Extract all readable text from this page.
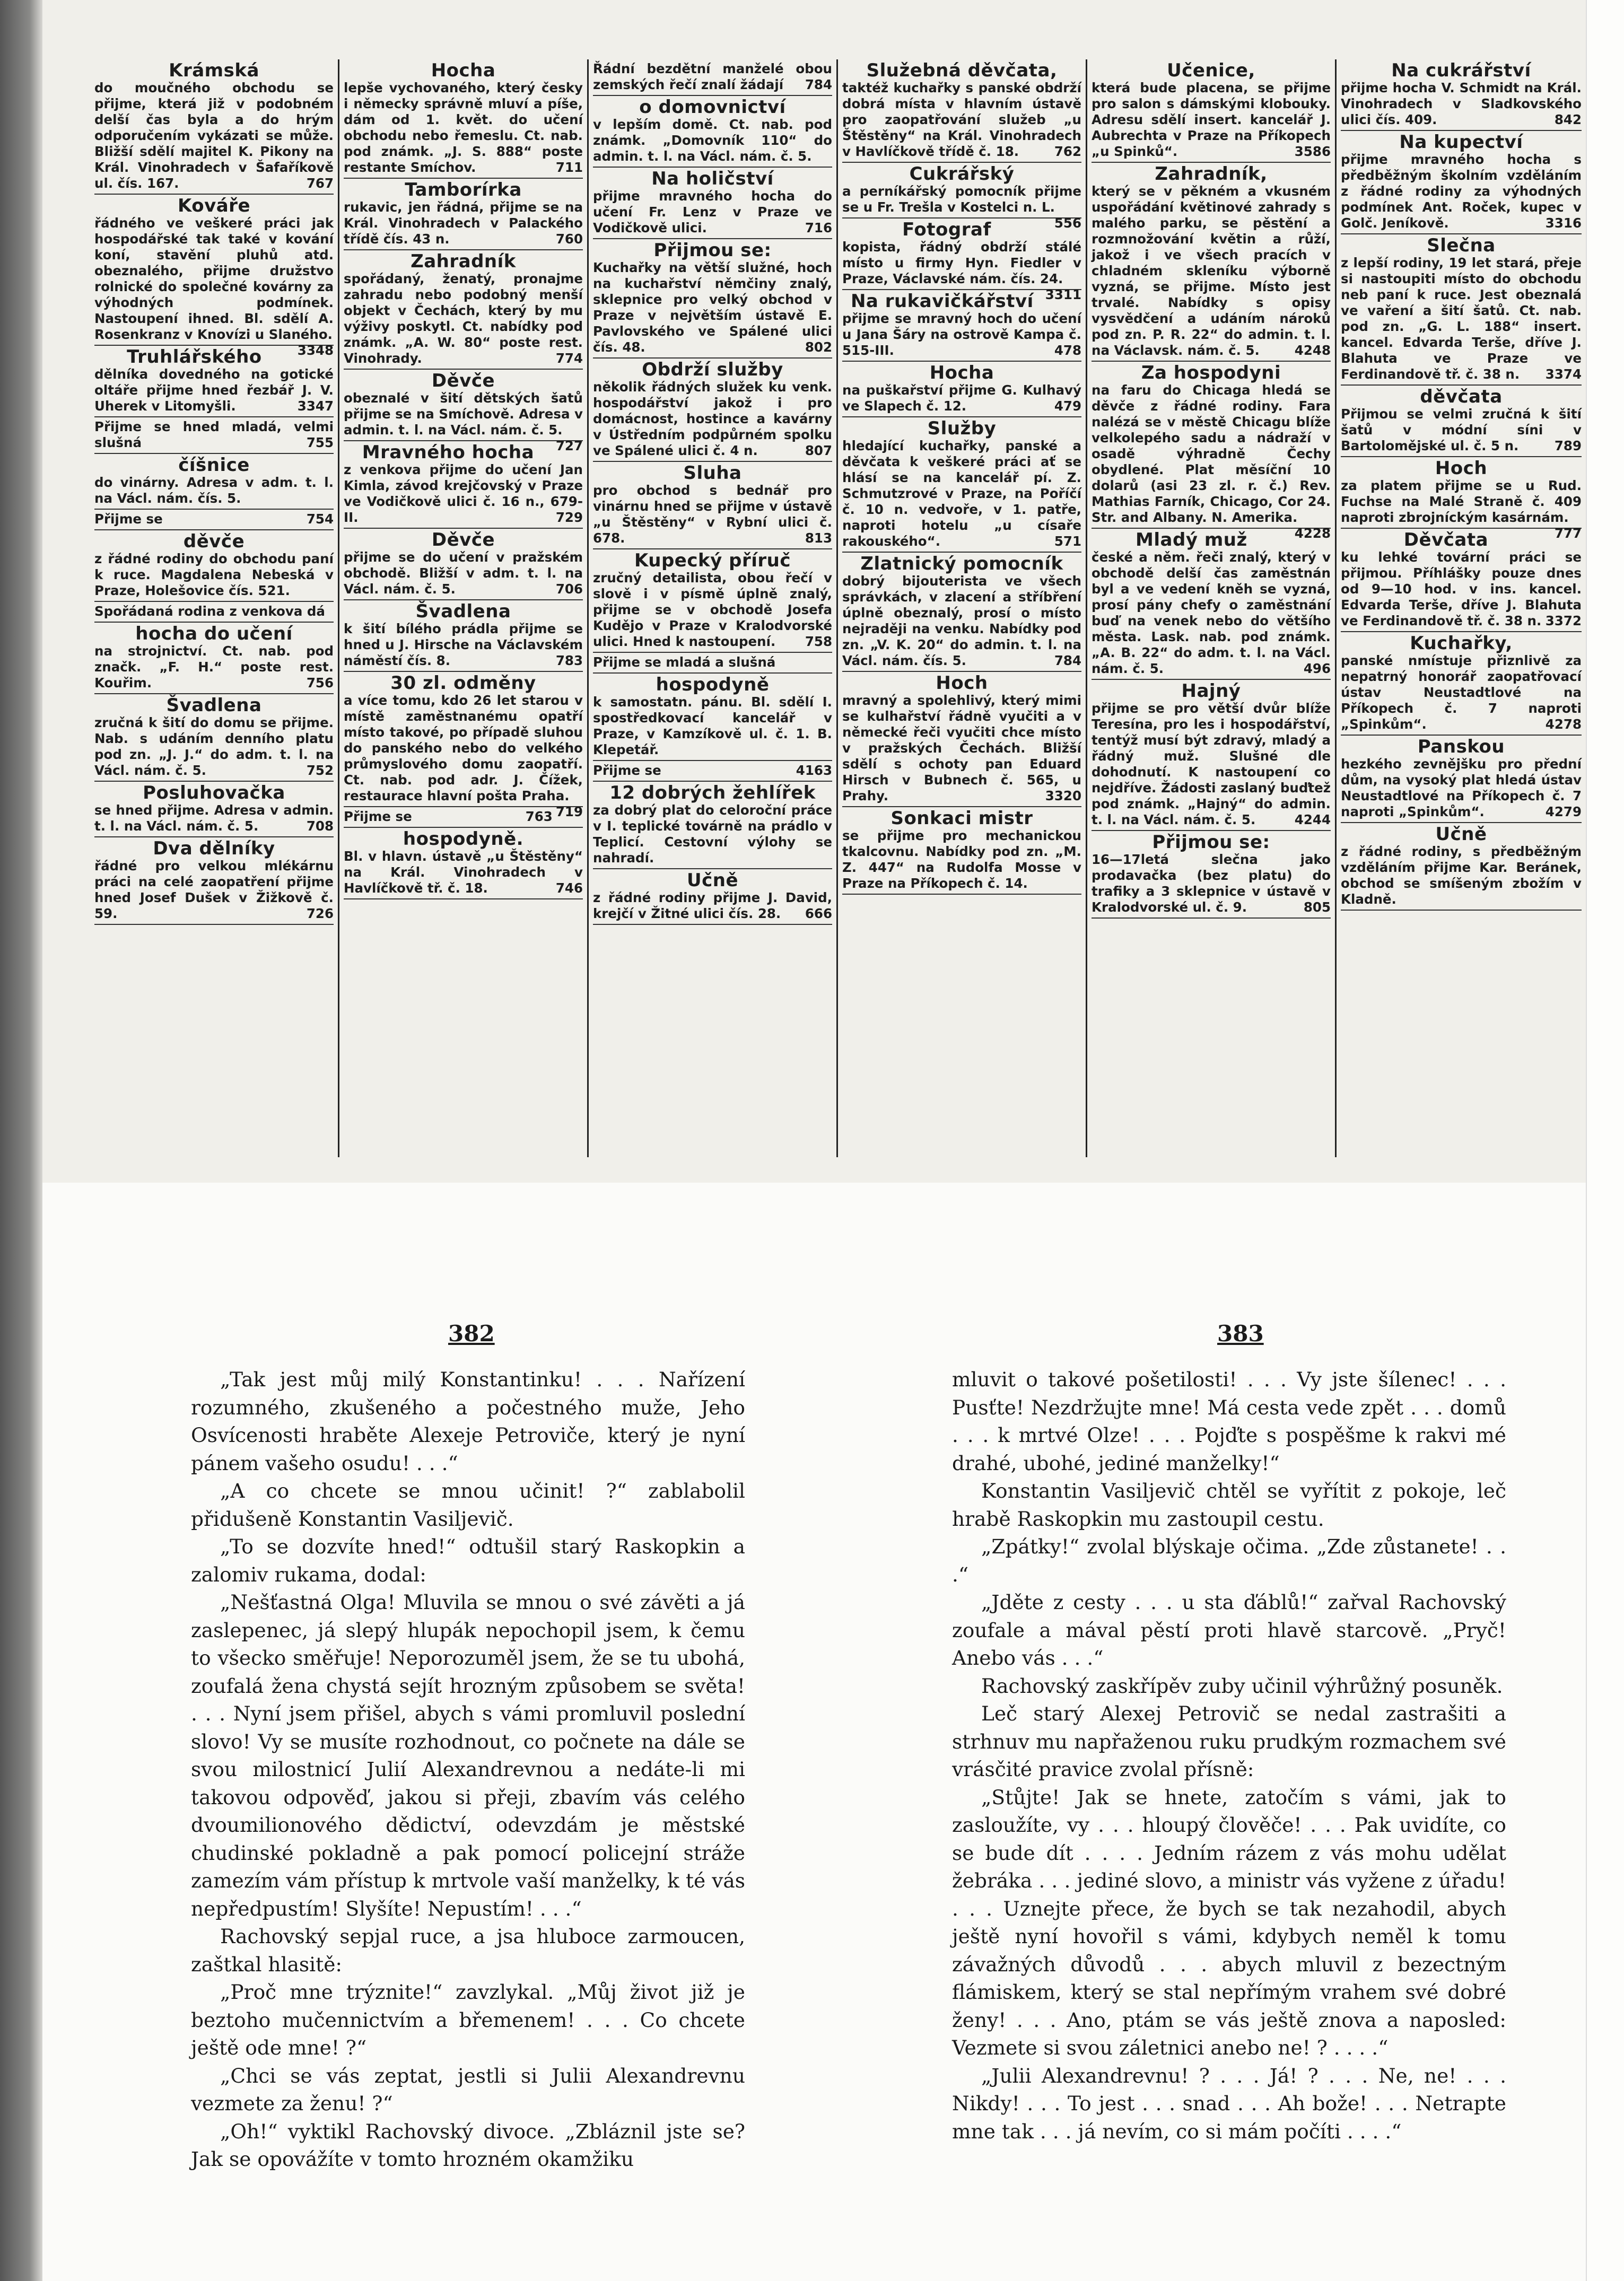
Krámská
do moučného obchodu se přijme, která již v podobném delší čas byla a do hrým odporučením vykázati se může. Bližší sdělí majitel K. Pikony na Král. Vinohradech v Šafaříkově ul. čís. 167.	767
Kováře
řádného ve veškeré práci jak hospodářské tak také v kování koní, stavění pluhů atd. obeznalého, přijme družstvo rolnické do společné kovárny za výhodných podmínek. Nastoupení ihned. Bl. sdělí A. Rosenkranz v Knovízi u Slaného.
3348
Truhlářského
dělníka dovedného na gotické oltáře přijme hned řezbář J. V. Uherek v Litomyšli.	3347
Přijme se hned mladá, velmi slušná	755
číšnice
do vinárny. Adresa v adm. t. l. na Václ. nám. čís. 5.
Přijme se	754
děvče
z řádné rodiny do obchodu paní k ruce. Magdalena Nebeská v Praze, Holešovice čís. 521.
Spořádaná rodina z venkova dá
hocha do učení
na strojnictví. Ct. nab. pod značk. „F. H.“ poste rest. Kouřim.	756
Švadlena
zručná k šití do domu se přijme. Nab. s udáním denního platu pod zn. „J. J.“ do adm. t. l. na Václ. nám. č. 5.	752
Posluhovačka
se hned přijme. Adresa v admin. t. l. na Václ. nám. č. 5.	708
Dva dělníky
řádné pro velkou mlékárnu práci na celé zaopatření přijme hned Josef Dušek v Žižkově č. 59.	726
Hocha
lepše vychovaného, který česky i německy správně mluví a píše, dám od 1. květ. do učení obchodu nebo řemeslu. Ct. nab. pod známk. „J. S. 888“ poste restante Smíchov.	711
Tamborírka
rukavic, jen řádná, přijme se na Král. Vinohradech v Palackého třídě čís. 43 n.	760
Zahradník
spořádaný, ženatý, pronajme zahradu nebo podobný menší objekt v Čechách, který by mu výživy poskytl. Ct. nabídky pod známk. „A. W. 80“ poste rest. Vinohrady.	774
Děvče
obeznalé v šití dětských šatů přijme se na Smíchově. Adresa v admin. t. l. na Václ. nám. č. 5.
727
Mravného hocha
z venkova přijme do učení Jan Kimla, závod krejčovský v Praze ve Vodičkově ulici č. 16 n., 679-II.	729
Děvče
přijme se do učení v pražském obchodě. Bližší v adm. t. l. na Václ. nám. č. 5.	706
Švadlena
k šití bílého prádla přijme se hned u J. Hirsche na Václavském náměstí čís. 8.	783
30 zl. odměny
a více tomu, kdo 26 let starou v místě zaměstnanému opatří místo takové, po případě sluhou do panského nebo do velkého průmyslového domu zaopatří. Ct. nab. pod adr. J. Čížek, restaurace hlavní pošta Praha.
719
Přijme se	763
hospodyně.
Bl. v hlavn. ústavě „u Štěstěny“ na Král. Vinohradech v Havlíčkově tř. č. 18.	746
Řádní bezdětní manželé obou zemských řečí znalí žádají 784
o domovnictví
v lepším domě. Ct. nab. pod známk. „Domovník 110“ do admin. t. l. na Václ. nám. č. 5.
Na holičství
přijme mravného hocha do učení Fr. Lenz v Praze ve Vodičkově ulici.	716
Přijmou se:
Kuchařky na větší služné, hoch na kuchařství němčiny znalý, sklepnice pro velký obchod v Praze v největším ústavě E. Pavlovského ve Spálené ulici čís. 48.	802
Obdrží služby
několik řádných služek ku venk. hospodářství jakož i pro domácnost, hostince a kavárny v Ústředním podpůrném spolku ve Spálené ulici č. 4 n.	807
Sluha
pro obchod s bednář pro vinárnu hned se přijme v ústavě „u Štěstěny“ v Rybní ulici č. 678.	813
Kupecký příruč
zručný detailista, obou řečí v slově i v písmě úplně znalý, přijme se v obchodě Josefa Kudějo v Praze v Kralodvorské ulici. Hned k nastoupení. 758
Přijme se mladá a slušná
hospodyně
k samostatn. pánu. Bl. sdělí I. spostředkovací kancelář v Praze, v Kamzíkově ul. č. 1. B. Klepetář.
Přijme se	4163
12 dobrých žehlířek
za dobrý plat do celoroční práce v I. teplické továrně na prádlo v Teplicí. Cestovní výlohy se nahradí.
Učně
z řádné rodiny přijme J. David, krejčí v Žitné ulici čís. 28. 666
Služebná děvčata,
taktéž kuchařky s panské obdrží dobrá místa v hlavním ústavě pro zaopatřování služeb „u Štěstěny“ na Král. Vinohradech v Havlíčkově třídě č. 18.	762
Cukrářský
a perníkářský pomocník přijme se u Fr. Trešla v Kostelci n. L.
556
Fotograf
kopista, řádný obdrží stálé místo u firmy Hyn. Fiedler v Praze, Václavské nám. čís. 24.
3311
Na rukavičkářství
přijme se mravný hoch do učení u Jana Šáry na ostrově Kampa č. 515-III.	478
Hocha
na puškařství přijme G. Kulhavý ve Slapech č. 12.	479
Služby
hledající kuchařky, panské a děvčata k veškeré práci ať se hlásí se na kancelář pí. Z. Schmutzrové v Praze, na Poříčí č. 10 n. vedvoře, v 1. patře, naproti hotelu „u císaře rakouského“.	571
Zlatnický pomocník
dobrý bijouterista ve všech správkách, v zlacení a stříbření úplně obeznalý, prosí o místo nejraději na venku. Nabídky pod zn. „V. K. 20“ do admin. t. l. na Václ. nám. čís. 5.	784
Hoch
mravný a spolehlivý, který mimi se kulhařství řádně vyučiti a v německé řeči vyučiti chce místo v pražských Čechách. Bližší sdělí s ochoty pan Eduard Hirsch v Bubnech č. 565, u Prahy.	3320
Sonkaci mistr
se přijme pro mechanickou tkalcovnu. Nabídky pod zn. „M. Z. 447“ na Rudolfa Mosse v Praze na Příkopech č. 14.
Učenice,
která bude placena, se přijme pro salon s dámskými klobouky. Adresu sdělí insert. kancelář J. Aubrechta v Praze na Příkopech „u Spinků“.	3586
Zahradník,
který se v pěkném a vkusném uspořádání květinové zahrady s malého parku, se pěstění a rozmnožování květin a růží, jakož i ve všech pracích v chladném skleníku výborně vyzná, se přijme. Místo jest trvalé. Nabídky s opisy vysvědčení a udáním nároků pod zn. P. R. 22“ do admin. t. l. na Václavsk. nám. č. 5.	4248
Za hospodyni
na faru do Chicaga hledá se děvče z řádné rodiny. Fara nalézá se v městě Chicagu blíže velkolepého sadu a nádraží v osadě výhradně Čechy obydlené. Plat měsíční 10 dolarů (asi 23 zl. r. č.) Rev. Mathias Farník, Chicago, Cor 24. Str. and Albany. N. Amerika.
4228
Mladý muž
české a něm. řeči znalý, který v obchodě delší čas zaměstnán byl a ve vedení kněh se vyzná, prosí pány chefy o zaměstnání buď na venek nebo do většího města. Lask. nab. pod známk. „A. B. 22“ do adm. t. l. na Václ. nám. č. 5.	496
Hajný
přijme se pro větší dvůr blíže Teresína, pro les i hospodářství, tentýž musí být zdravý, mladý a řádný muž. Slušné dle dohodnutí. K nastoupení co nejdříve. Žádosti zaslaný buďtež pod známk. „Hajný“ do admin. t. l. na Václ. nám. č. 5.	4244
Přijmou se:
16—17letá slečna jako prodavačka (bez platu) do trafiky a 3 sklepnice v ústavě v Kralodvorské ul. č. 9.	805
Na cukrářství
přijme hocha V. Schmidt na Král. Vinohradech v Sladkovského ulici čís. 409.	842
Na kupectví
přijme mravného hocha s předběžným školním vzděláním z řádné rodiny za výhodných podmínek Ant. Roček, kupec v Golč. Jeníkově.	3316
Slečna
z lepší rodiny, 19 let stará, přeje si nastoupiti místo do obchodu neb paní k ruce. Jest obeznalá ve vaření a šití šatů. Ct. nab. pod zn. „G. L. 188“ insert. kancel. Edvarda Terše, dříve J. Blahuta ve Praze ve Ferdinandově tř. č. 38 n. 3374
děvčata
Přijmou se velmi zručná k šití šatů v módní síni v Bartolomějské ul. č. 5 n.	789
Hoch
za platem přijme se u Rud. Fuchse na Malé Straně č. 409 naproti zbrojníckým kasárnám.
777
Děvčata
ku lehké tovární práci se přijmou. Příhlášky pouze dnes od 9—10 hod. v ins. kancel. Edvarda Terše, dříve J. Blahuta ve Ferdinandově tř. č. 38 n. 3372
Kuchařky,
panské nmístuje přiznlivě za nepatrný honorář zaopatřovací ústav Neustadtlové na Příkopech č. 7 naproti „Spinkům“.	4278
Panskou
hezkého zevnějšku pro přední dům, na vysoký plat hledá ústav Neustadtlové na Příkopech č. 7 naproti „Spinkům“.	4279
Učně
z řádné rodiny, s předběžným vzděláním přijme Kar. Beránek, obchod se smíšeným zbožím v Kladně.
382	383

„Tak jest můj milý Konstantinku! . . . Nařízení rozumného, zkušeného a počestného muže, Jeho Osvícenosti hraběte Alexeje Petroviče, který je nyní pánem vašeho osudu! . . .“

„A co chcete se mnou učinit! ?“ zablabolil přidušeně Konstantin Vasiljevič.

„To se dozvíte hned!“ odtušil starý Raskopkin a zalomiv rukama, dodal:

„Nešťastná Olga! Mluvila se mnou o své závěti a já zaslepenec, já slepý hlupák nepochopil jsem, k čemu to všecko směřuje! Neporozuměl jsem, že se tu ubohá, zoufalá žena chystá sejít hrozným způsobem se světa! . . . Nyní jsem přišel, abych s vámi promluvil poslední slovo! Vy se musíte rozhodnout, co počnete na dále se svou milostnicí Julií Alexandrevnou a nedáte-li mi takovou odpověď, jakou si přeji, zbavím vás celého dvoumilionového dědictví, odevzdám je městské chudinské pokladně a pak pomocí policejní stráže zamezím vám přístup k mrtvole vaší manželky, k té vás nepředpustím! Slyšíte! Nepustím! . . .“

Rachovský sepjal ruce, a jsa hluboce zarmoucen, zaštkal hlasitě:

„Proč mne trýznite!“ zavzlykal. „Můj život již je beztoho mučennictvím a břemenem! . . . Co chcete ještě ode mne! ?“

„Chci se vás zeptat, jestli si Julii Alexandrevnu vezmete za ženu! ?“

„Oh!“ vyktikl Rachovský divoce. „Zbláznil jste se? Jak se opovážíte v tomto hrozném okamžiku

mluvit o takové pošetilosti! . . . Vy jste šílenec! . . . Pusťte! Nezdržujte mne! Má cesta vede zpět . . . domů . . . k mrtvé Olze! . . . Pojďte s pospěšme k rakvi mé drahé, ubohé, jediné manželky!“

Konstantin Vasiljevič chtěl se vyřítit z pokoje, leč hrabě Raskopkin mu zastoupil cestu.

„Zpátky!“ zvolal blýskaje očima. „Zde zůstanete! . . .“

„Jděte z cesty . . . u sta ďáblů!“ zařval Rachovský zoufale a mával pěstí proti hlavě starcově. „Pryč! Anebo vás . . .“

Rachovský zaskřípěv zuby učinil výhrůžný posuněk.

Leč starý Alexej Petrovič se nedal zastrašiti a strhnuv mu napřaženou ruku prudkým rozmachem své vrásčité pravice zvolal přísně:

„Stůjte! Jak se hnete, zatočím s vámi, jak to zasloužíte, vy . . . hloupý člověče! . . . Pak uvidíte, co se bude dít . . . . Jedním rázem z vás mohu udělat žebráka . . . jediné slovo, a ministr vás vyžene z úřadu! . . . Uznejte přece, že bych se tak nezahodil, abych ještě nyní hovořil s vámi, kdybych neměl k tomu závažných důvodů . . . abych mluvil z bezectným flámiskem, který se stal nepřímým vrahem své dobré ženy! . . . Ano, ptám se vás ještě znova a naposled: Vezmete si svou záletnici anebo ne! ? . . . .“

„Julii Alexandrevnu! ? . . . Já! ? . . . Ne, ne! . . . Nikdy! . . . To jest . . . snad . . . Ah bože! . . . Netrapte mne tak . . . já nevím, co si mám počíti . . . .“
